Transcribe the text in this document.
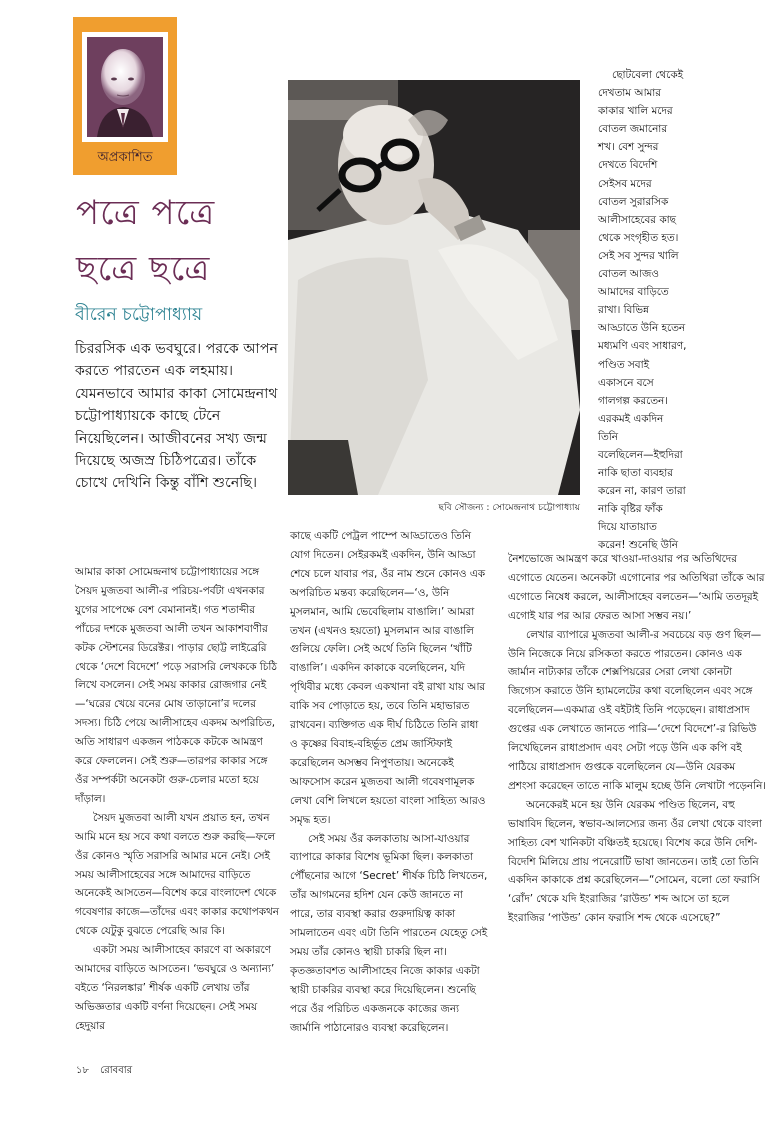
অপ্রকাশিত
পত্রে পত্রে
ছত্রে ছত্রে
বীরেন চট্টোপাধ্যায়
চিররসিক এক ভবঘুরে। পরকে আপন করতে পারতেন এক লহমায়। যেমনভাবে আমার কাকা সোমেন্দ্রনাথ চট্টোপাধ্যায়কে কাছে টেনে নিয়েছিলেন। আজীবনের সখ্য জন্ম দিয়েছে অজস্র চিঠিপত্রের। তাঁকে চোখে দেখিনি কিন্তু বাঁশি শুনেছি।
ছবি সৌজন্য : সোমেন্দ্রনাথ চট্টোপাধ্যায়

আমার কাকা সোমেন্দ্রনাথ চট্টোপাধ্যায়ের সঙ্গে সৈয়দ মুজতবা আলী-র পরিচয়-পর্বটা এখনকার যুগের সাপেক্ষে বেশ বেমানানই। গত শতাব্দীর পাঁচের দশকে মুজতবা আলী তখন আকাশবাণীর কটক স্টেশনের ডিরেক্টর। পাড়ার ছোট্ট লাইব্রেরি থেকে ‘দেশে বিদেশে’ পড়ে সরাসরি লেখককে চিঠি লিখে বসলেন। সেই সময় কাকার রোজগার নেই—‘ঘরের খেয়ে বনের মোষ তাড়ানো’র দলের সদস্য। চিঠি পেয়ে আলীসাহেব একদম অপরিচিত, অতি সাধারণ একজন পাঠককে কটকে আমন্ত্রণ করে ফেললেন। সেই শুরু—তারপর কাকার সঙ্গে ওঁর সম্পর্কটা অনেকটা গুরু-চেলার মতো হয়ে দাঁড়াল।

সৈয়দ মুজতবা আলী যখন প্রয়াত হন, তখন আমি মনে হয় সবে কথা বলতে শুরু করছি—ফলে ওঁর কোনও স্মৃতি সরাসরি আমার মনে নেই। সেই সময় আলীসাহেবের সঙ্গে আমাদের বাড়িতে অনেকেই আসতেন—বিশেষ করে বাংলাদেশ থেকে গবেষণার কাজে—তাঁদের এবং কাকার কথোপকথন থেকে যেটুকু বুঝতে পেরেছি আর কি।

একটা সময় আলীসাহেব কারণে বা অকারণে আমাদের বাড়িতে আসতেন। ‘ভবঘুরে ও অন্যান্য’ বইতে ‘নিরলঙ্কার’ শীর্ষক একটি লেখায় তাঁর অভিজ্ঞতার একটি বর্ণনা দিয়েছেন। সেই সময় হেদুয়ার

কাছে একটি পেট্রল পাম্পে আড্ডাতেও তিনি যোগ দিতেন। সেইরকমই একদিন, উনি আড্ডা শেষে চলে যাবার পর, ওঁর নাম শুনে কোনও এক অপরিচিত মন্তব্য করেছিলেন—‘ও, উনি মুসলমান, আমি ভেবেছিলাম বাঙালি।’ আমরা তখন (এখনও হয়তো) মুসলমান আর বাঙালি গুলিয়ে ফেলি। সেই অর্থে তিনি ছিলেন ‘খাঁটি বাঙালি’। একদিন কাকাকে বলেছিলেন, যদি পৃথিবীর মধ্যে কেবল একখানা বই রাখা যায় আর বাকি সব পোড়াতে হয়, তবে তিনি মহাভারত রাখবেন। ব্যক্তিগত এক দীর্ঘ চিঠিতে তিনি রাধা ও কৃষ্ণের বিবাহ-বহির্ভূত প্রেম জাস্টিফাই করেছিলেন অসম্ভব নিপুণতায়। অনেকেই আফসোস করেন মুজতবা আলী গবেষণামূলক লেখা বেশি লিখলে হয়তো বাংলা সাহিত্য আরও সমৃদ্ধ হত।

সেই সময় ওঁর কলকাতায় আসা-যাওয়ার ব্যাপারে কাকার বিশেষ ভূমিকা ছিল। কলকাতা পৌঁছনোর আগে ‘Secret’ শীর্ষক চিঠি লিখতেন, তাঁর আগমনের হদিশ যেন কেউ জানতে না পারে, তার ব্যবস্থা করার গুরুদায়িত্ব কাকা সামলাতেন এবং এটা তিনি পারতেন যেহেতু সেই সময় তাঁর কোনও স্থায়ী চাকরি ছিল না। কৃতজ্ঞতাবশত আলীসাহেব নিজে কাকার একটা স্থায়ী চাকরির ব্যবস্থা করে দিয়েছিলেন। শুনেছি পরে ওঁর পরিচিত একজনকে কাজের জন্য জার্মানি পাঠানোরও ব্যবস্থা করেছিলেন।

ছোটবেলা থেকেই
দেখতাম আমার
কাকার খালি মদের
বোতল জমানোর
শখ। বেশ সুন্দর
দেখতে বিদেশি
সেইসব মদের
বোতল সুরারসিক
আলীসাহেবের কাছ
থেকে সংগৃহীত হত।
সেই সব সুন্দর খালি
বোতল আজও
আমাদের বাড়িতে
রাখা। বিভিন্ন
আড্ডাতে উনি হতেন
মধ্যমণি এবং সাধারণ,
পণ্ডিত সবাই
একাসনে বসে
গালগল্প করতেন।
এরকমই একদিন
তিনি
বলেছিলেন—ইহুদিরা
নাকি ছাতা ব্যবহার
করেন না, কারণ তারা
নাকি বৃষ্টির ফাঁক
দিয়ে যাতায়াত
করেন! শুনেছি উনি

নৈশভোজে আমন্ত্রণ করে খাওয়া-দাওয়ার পর অতিথিদের এগোতে যেতেন। অনেকটা এগোনোর পর অতিথিরা তাঁকে আর এগোতে নিষেধ করলে, আলীসাহেব বলতেন—‘আমি ততদূরই এগোই যার পর আর ফেরত আসা সম্ভব নয়।’

লেখার ব্যাপারে মুজতবা আলী-র সবচেয়ে বড় গুণ ছিল—উনি নিজেকে নিয়ে রসিকতা করতে পারতেন। কোনও এক জার্মান নাট্যকার তাঁকে শেক্সপিয়রের সেরা লেখা কোনটা জিগ্যেস করাতে উনি হ্যামলেটের কথা বলেছিলেন এবং সঙ্গে বলেছিলেন—একমাত্র ওই বইটাই তিনি পড়েছেন। রাধাপ্রসাদ গুপ্তের এক লেখাতে জানতে পারি—‘দেশে বিদেশে’-র রিভিউ লিখেছিলেন রাধাপ্রসাদ এবং সেটা পড়ে উনি এক কপি বই পাঠিয়ে রাধাপ্রসাদ গুপ্তকে বলেছিলেন যে—উনি যেরকম প্রশংসা করেছেন তাতে নাকি মালুম হচ্ছে উনি লেখাটা পড়েননি।

অনেকেরই মনে হয় উনি যেরকম পণ্ডিত ছিলেন, বহু ভাষাবিদ ছিলেন, স্বভাব-আলস্যের জন্য ওঁর লেখা থেকে বাংলা সাহিত্য বেশ খানিকটা বঞ্চিতই হয়েছে। বিশেষ করে উনি দেশি-বিদেশি মিলিয়ে প্রায় পনেরোটি ভাষা জানতেন। তাই তো তিনি একদিন কাকাকে প্রশ্ন করেছিলেন—“সোমেন, বলো তো ফরাসি ‘রোঁদ’ থেকে যদি ইংরাজির ‘রাউন্ড’ শব্দ আসে তা হলে ইংরাজির ‘পাউন্ড’ কোন ফরাসি শব্দ থেকে এসেছে?”

১৮ রোববার
